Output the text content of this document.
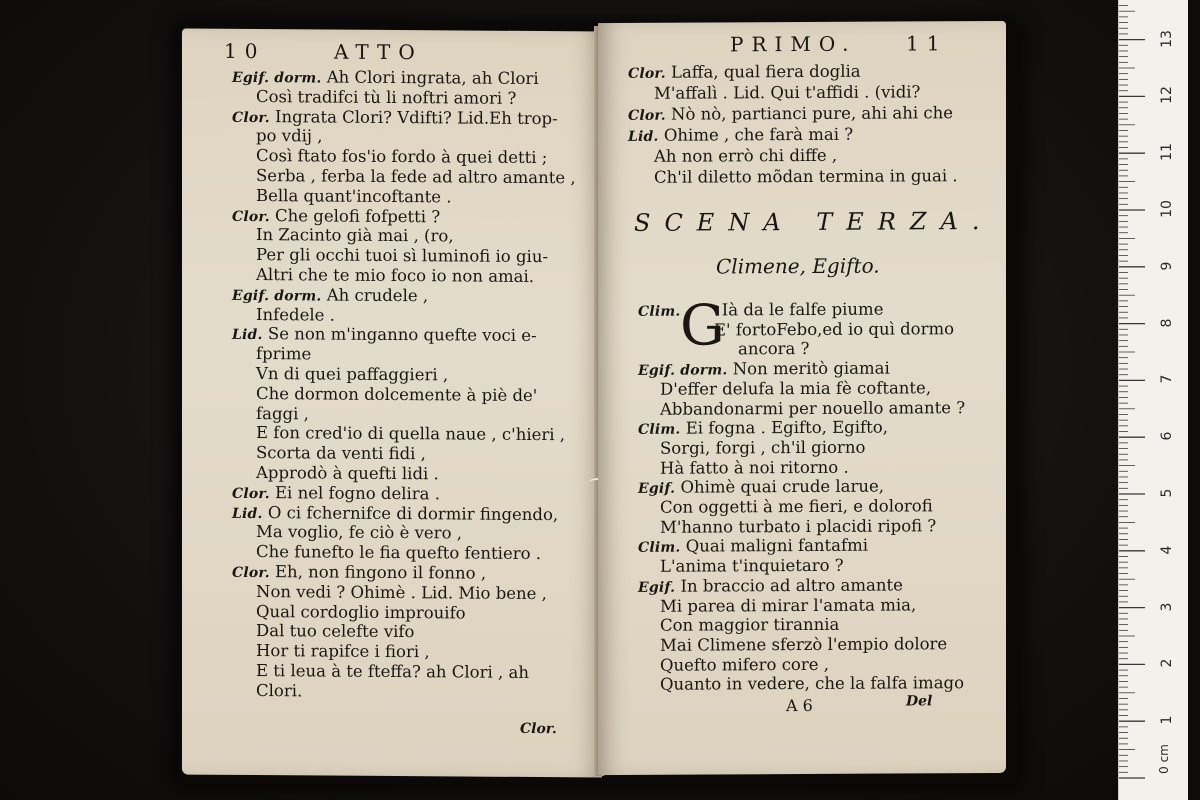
10	ATTO
Egif. dorm. Ah Clori ingrata, ah Clori
Così tradifci tù li noftri amori ?
Clor. Ingrata Clori? Vdifti? Lid.Eh trop-
po vdij ,
Così ftato fos'io fordo à quei detti ;
Serba , ferba la fede ad altro amante ,
Bella quant'incoftante .
Clor. Che gelofi fofpetti ?
In Zacinto già mai , (ro,
Per gli occhi tuoi sì luminofi io giu-
Altri che te mio foco io non amai.
Egif. dorm. Ah crudele ,
Infedele .
Lid. Se non m'inganno quefte voci e-
fprime
Vn di quei paffaggieri ,
Che dormon dolcemente à piè de'
faggi ,
E fon cred'io di quella naue , c'hieri ,
Scorta da venti fidi ,
Approdò à quefti lidi .
Clor. Ei nel fogno delira .
Lid. O ci fchernifce di dormir fingendo,
Ma voglio, fe ciò è vero ,
Che funefto le fia quefto fentiero .
Clor. Eh, non fingono il fonno ,
Non vedi ? Ohimè . Lid. Mio bene ,
Qual cordoglio improuifo
Dal tuo celefte vifo
Hor ti rapifce i fiori ,
E ti leua à te fteffa? ah Clori , ah
Clori.
Clor.
PRIMO. 11
Clor. Laffa, qual fiera doglia
M'affalì . Lid. Qui t'affidi . (vidi?
Clor. Nò nò, partianci pure, ahi ahi che
Lid. Ohime , che farà mai ?
Ah non errò chi diffe ,
Ch'il diletto mõdan termina in guai .
SCENA TERZA.
Climene, Egifto.
G
Clim.	Ià da le falfe piume
E' fortoFebo,ed io quì dormo
ancora ?
Egif. dorm. Non meritò giamai
D'effer delufa la mia fè coftante,
Abbandonarmi per nouello amante ?
Clim. Ei fogna . Egifto, Egifto,
Sorgi, forgi , ch'il giorno
Hà fatto à noi ritorno .
Egif. Ohimè quai crude larue,
Con oggetti à me fieri, e dolorofi
M'hanno turbato i placidi ripofi ?
Clim. Quai maligni fantafmi
L'anima t'inquietaro ?
Egif. In braccio ad altro amante
Mi parea di mirar l'amata mia,
Con maggior tirannia
Mai Climene sferzò l'empio dolore
Quefto mifero core ,
Quanto in vedere, che la falfa imago
A 6	Del
1
2
3
4
5
6
7
8
9
10
11
12
13
0 cm
